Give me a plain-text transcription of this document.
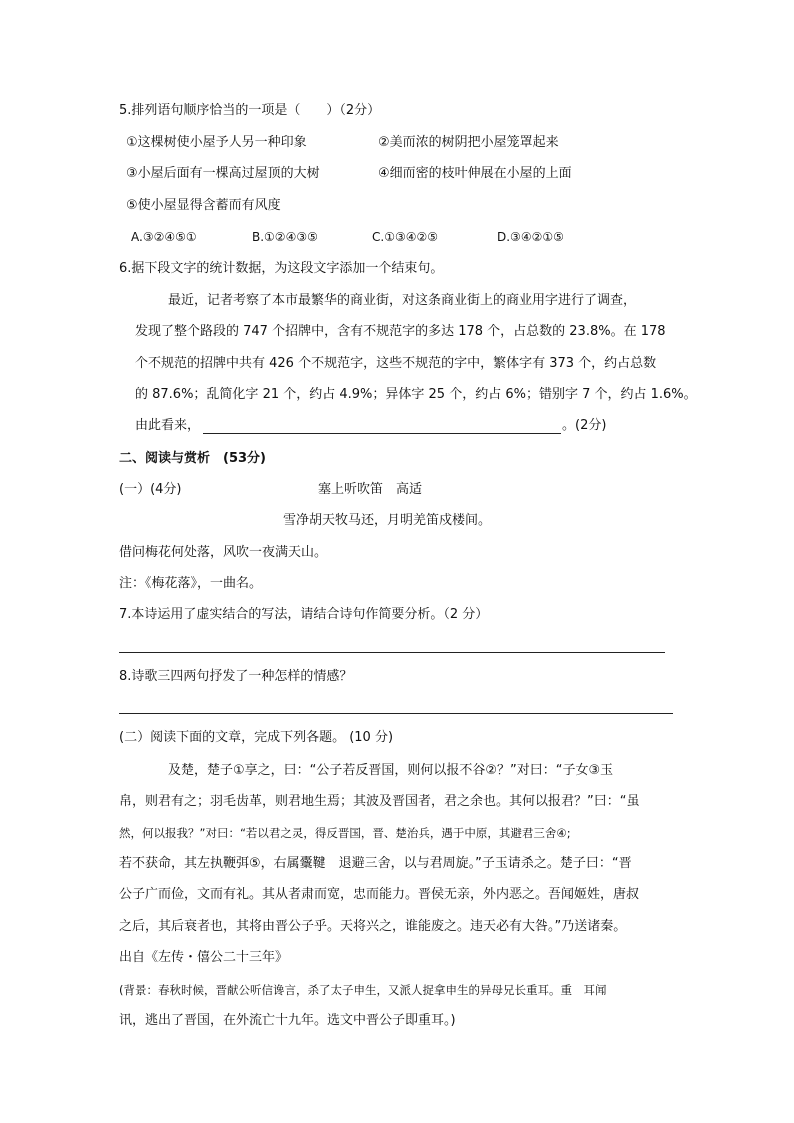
5.排列语句顺序恰当的一项是（　　）（2分）
①这棵树使小屋予人另一种印象	②美而浓的树阴把小屋笼罩起来
③小屋后面有一棵高过屋顶的大树	④细而密的枝叶伸展在小屋的上面
⑤使小屋显得含蓄而有风度
A.③②④⑤①	B.①②④③⑤	C.①③④②⑤	D.③④②①⑤
6.据下段文字的统计数据，为这段文字添加一个结束句。
最近，记者考察了本市最繁华的商业街，对这条商业街上的商业用字进行了调查，
发现了整个路段的 747 个招牌中，含有不规范字的多达 178 个，占总数的 23.8%。在 178
个不规范的招牌中共有 426 个不规范字，这些不规范的字中，繁体字有 373 个，约占总数
的 87.6%；乱简化字 21 个，约占 4.9%；异体字 25 个，约占 6%；错别字 7 个，约占 1.6%。
由此看来，	。(2分)
二、阅读与赏析　(53分)
(一）(4分)	塞上听吹笛　高适
雪净胡天牧马还，月明羌笛戍楼间。
借问梅花何处落，风吹一夜满天山。
注：《梅花落》，一曲名。
7.本诗运用了虚实结合的写法，请结合诗句作简要分析。（2 分）
8.诗歌三四两句抒发了一种怎样的情感？
(二）阅读下面的文章，完成下列各题。 (10 分)
及楚，楚子①享之，曰：“公子若反晋国，则何以报不谷②？”对曰：“子女③玉
帛，则君有之；羽毛齿革，则君地生焉；其波及晋国者，君之余也。其何以报君？”曰：“虽
然，何以报我？”对曰：“若以君之灵，得反晋国，晋、楚治兵，遇于中原，其避君三舍④;
若不获命，其左执鞭弭⑤，右属櫜鞬　退避三舍，以与君周旋。”子玉请杀之。楚子曰：“晋
公子广而俭，文而有礼。其从者肃而宽，忠而能力。晋侯无亲，外内恶之。吾闻姬姓，唐叔
之后，其后衰者也，其将由晋公子乎。天将兴之，谁能废之。违天必有大咎。”乃送诸秦。
出自《左传・僖公二十三年》
(背景：春秋时候，晋献公听信谗言，杀了太子申生，又派人捉拿申生的异母兄长重耳。重　耳闻
讯，逃出了晋国，在外流亡十九年。选文中晋公子即重耳。)
